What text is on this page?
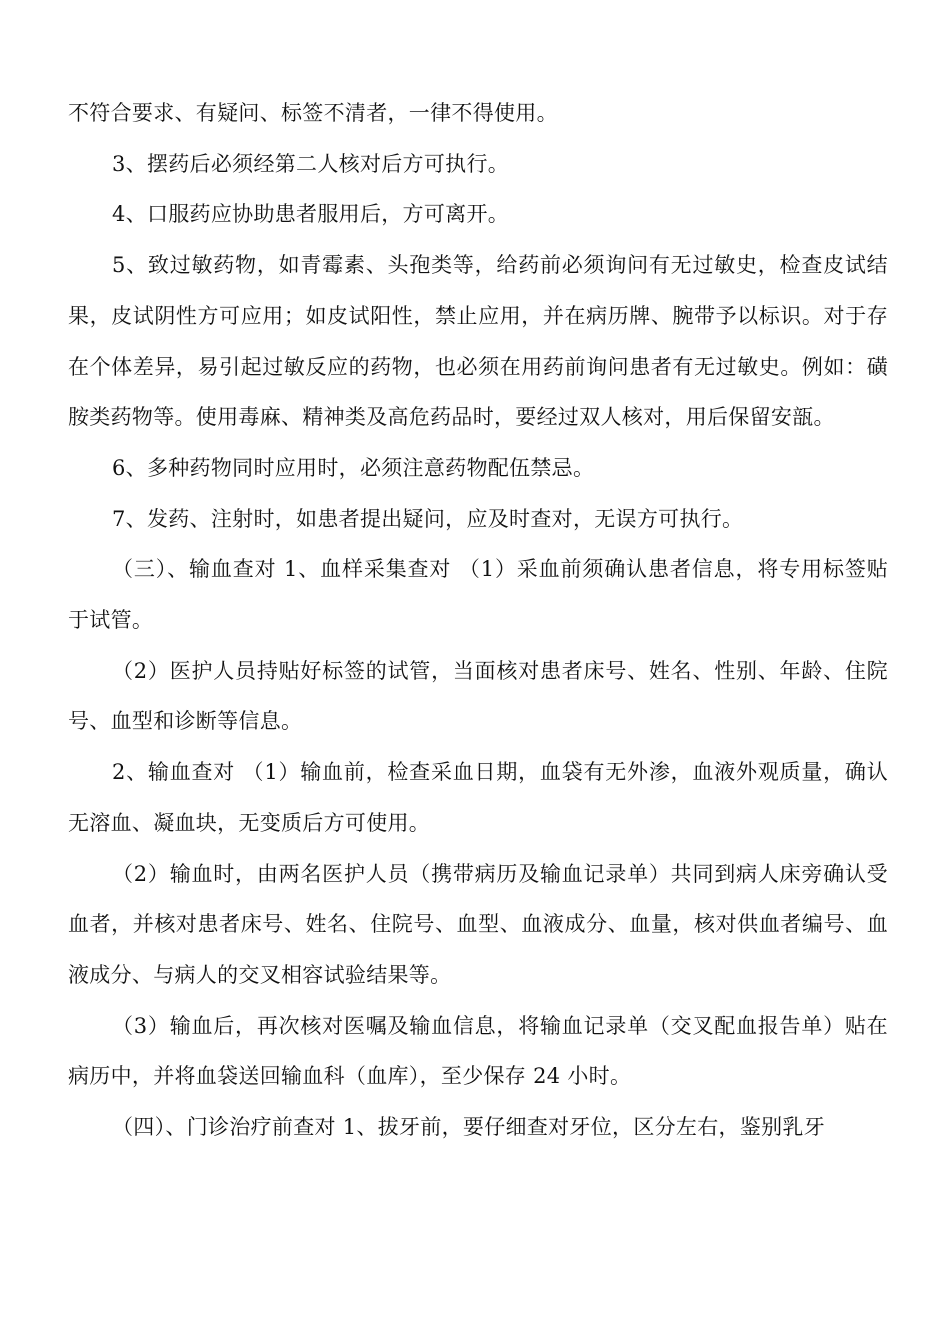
不符合要求、有疑问、标签不清者，一律不得使用。

3、摆药后必须经第二人核对后方可执行。

4、口服药应协助患者服用后，方可离开。

5、致过敏药物，如青霉素、头孢类等，给药前必须询问有无过敏史，检查皮试结果，皮试阴性方可应用；如皮试阳性，禁止应用，并在病历牌、腕带予以标识。对于存在个体差异，易引起过敏反应的药物，也必须在用药前询问患者有无过敏史。例如：磺胺类药物等。使用毒麻、精神类及高危药品时，要经过双人核对，用后保留安瓿。

6、多种药物同时应用时，必须注意药物配伍禁忌。

7、发药、注射时，如患者提出疑问，应及时查对，无误方可执行。

（三）、输血查对 1、血样采集查对 （1）采血前须确认患者信息，将专用标签贴于试管。

（2）医护人员持贴好标签的试管，当面核对患者床号、姓名、性别、年龄、住院号、血型和诊断等信息。

2、输血查对 （1）输血前，检查采血日期，血袋有无外渗，血液外观质量，确认无溶血、凝血块，无变质后方可使用。

（2）输血时，由两名医护人员（携带病历及输血记录单）共同到病人床旁确认受血者，并核对患者床号、姓名、住院号、血型、血液成分、血量，核对供血者编号、血液成分、与病人的交叉相容试验结果等。

（3）输血后，再次核对医嘱及输血信息，将输血记录单（交叉配血报告单）贴在病历中，并将血袋送回输血科（血库），至少保存 24 小时。

（四）、门诊治疗前查对 1、拔牙前，要仔细查对牙位，区分左右，鉴别乳牙
